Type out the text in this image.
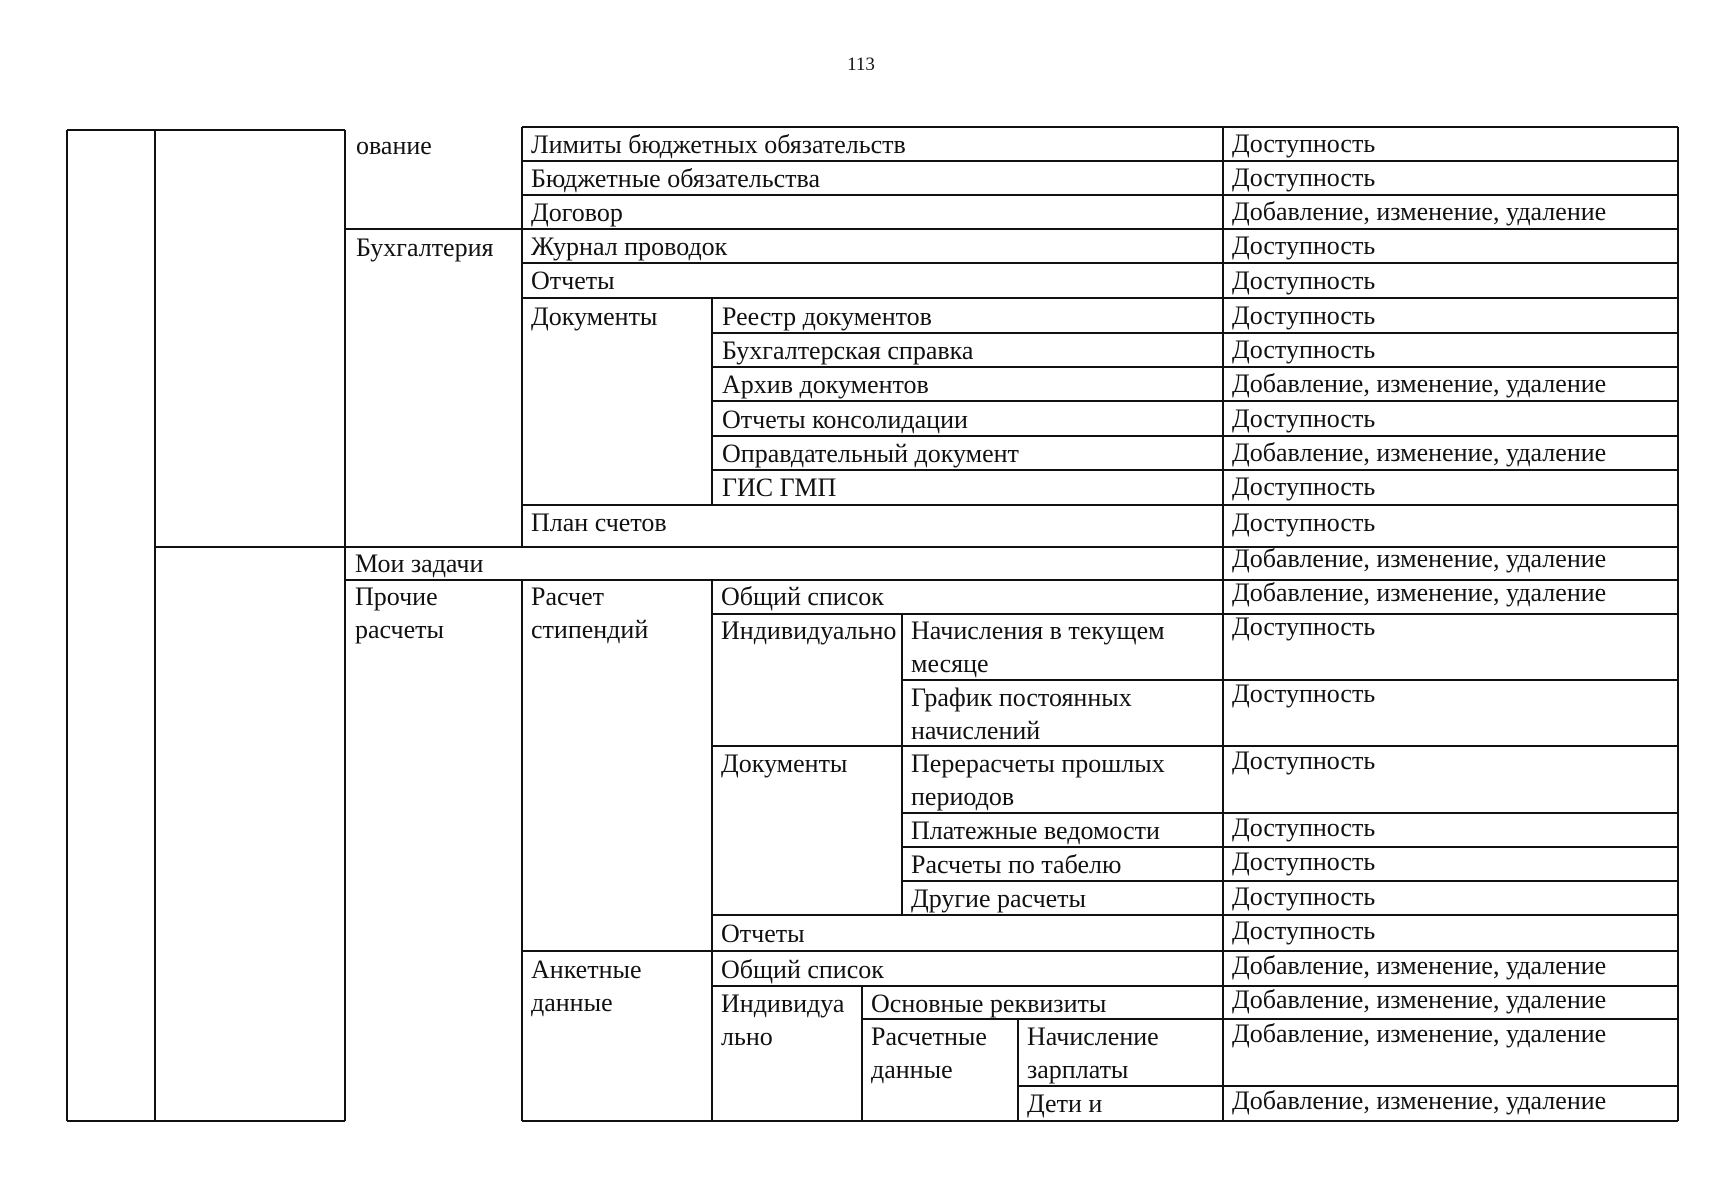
113
ование
Бухгалтерия
Мои задачи
Прочие расчеты
Лимиты бюджетных обязательств
Бюджетные обязательства
Договор
Журнал проводок
Отчеты
Документы
План счетов
Расчет стипендий
Анкетные данные
Реестр документов
Бухгалтерская справка
Архив документов
Отчеты консолидации
Оправдательный документ
ГИС ГМП
Общий список
Индивидуально
Документы
Отчеты
Общий список
Индивидуально
Начисления в текущем месяце
График постоянных начислений
Перерасчеты прошлых периодов
Платежные ведомости
Расчеты по табелю
Другие расчеты
Основные реквизиты
Расчетные данные
Начисление зарплаты
Дети и
Доступность
Доступность
Добавление, изменение, удаление
Доступность
Доступность
Доступность
Доступность
Добавление, изменение, удаление
Доступность
Добавление, изменение, удаление
Доступность
Доступность
Добавление, изменение, удаление
Добавление, изменение, удаление
Доступность
Доступность
Доступность
Доступность
Доступность
Доступность
Доступность
Добавление, изменение, удаление
Добавление, изменение, удаление
Добавление, изменение, удаление
Добавление, изменение, удаление
